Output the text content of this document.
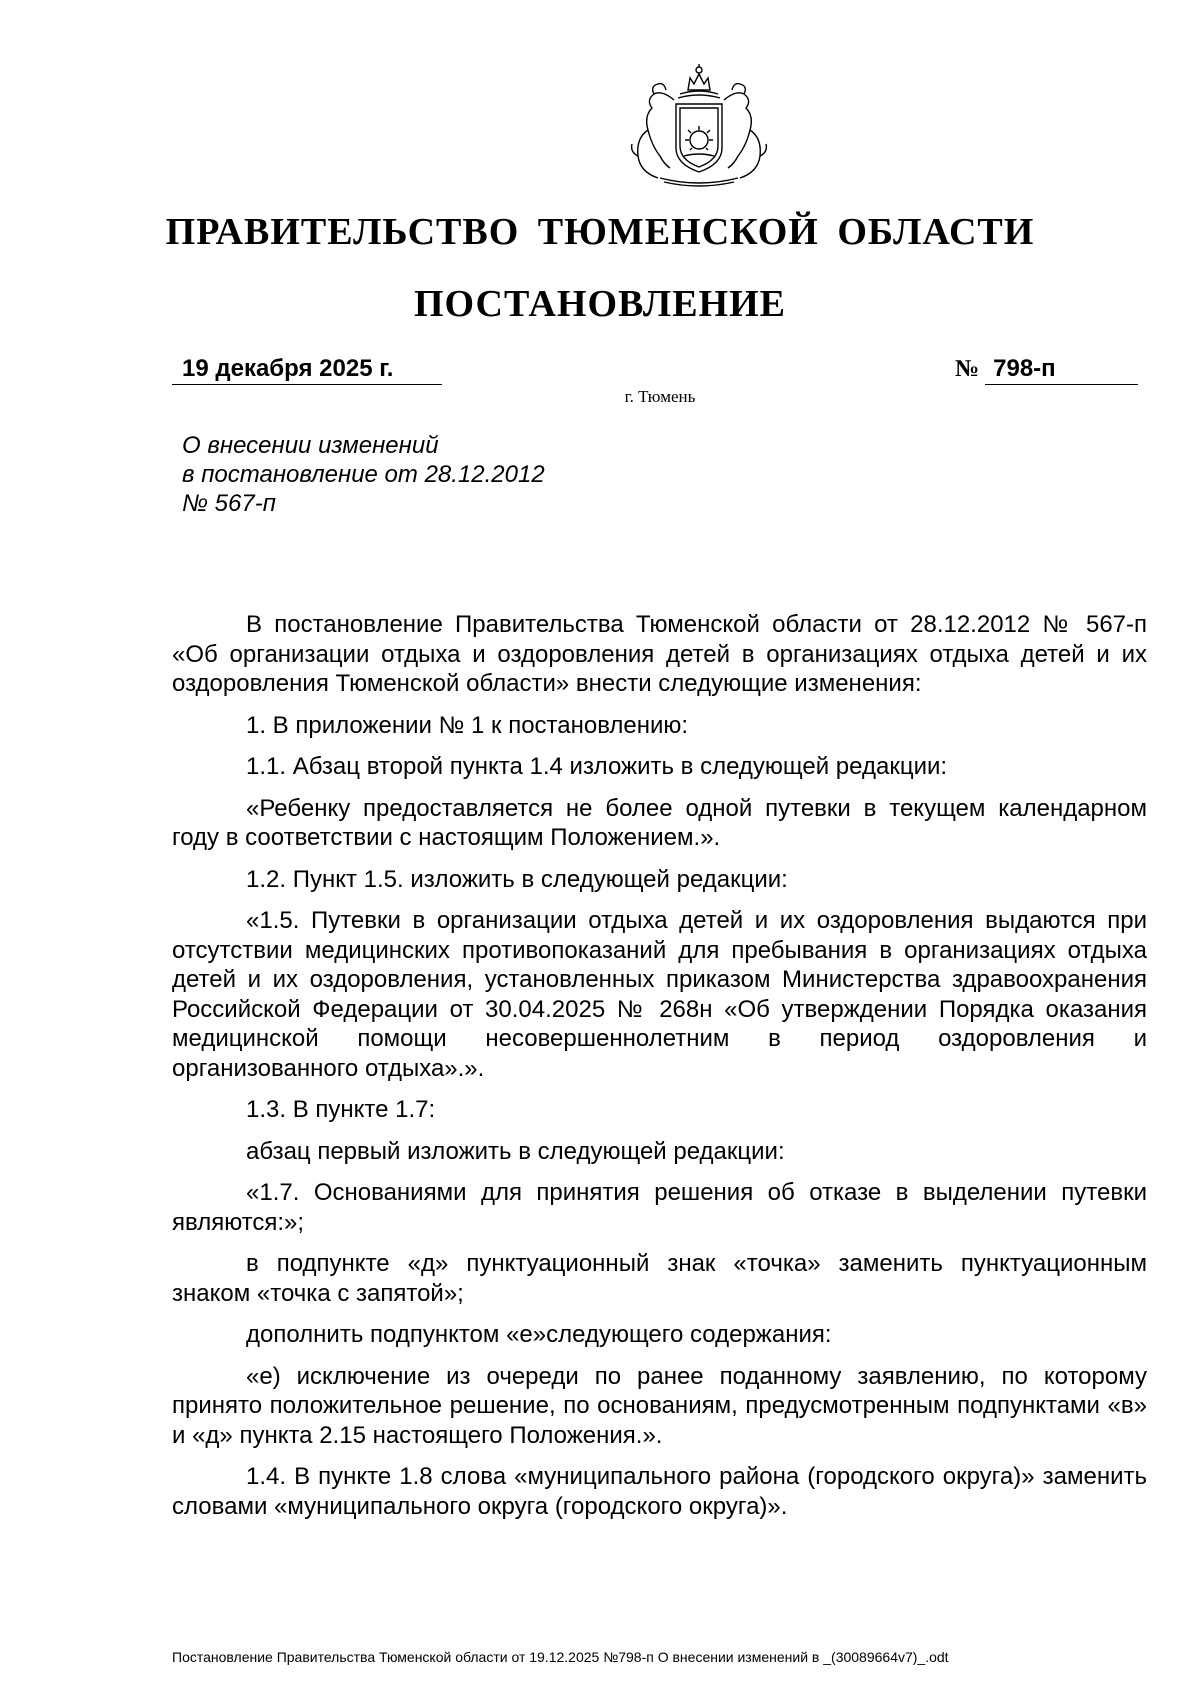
ПРАВИТЕЛЬСТВО ТЮМЕНСКОЙ ОБЛАСТИ
ПОСТАНОВЛЕНИЕ
19 декабря 2025 г.	№ 798-п
г. Тюмень
О внесении изменений
в постановление от 28.12.2012
№ 567-п

В постановление Правительства Тюменской области от 28.12.2012 № 567-п «Об организации отдыха и оздоровления детей в организациях отдыха детей и их оздоровления Тюменской области» внести следующие изменения:

1. В приложении № 1 к постановлению:

1.1. Абзац второй пункта 1.4 изложить в следующей редакции:

«Ребенку предоставляется не более одной путевки в текущем календарном году в соответствии с настоящим Положением.».

1.2. Пункт 1.5. изложить в следующей редакции:

«1.5. Путевки в организации отдыха детей и их оздоровления выдаются при отсутствии медицинских противопоказаний для пребывания в организациях отдыха детей и их оздоровления, установленных приказом Министерства здравоохранения Российской Федерации от 30.04.2025 № 268н «Об утверждении Порядка оказания медицинской помощи несовершеннолетним в период оздоровления и организованного отдыха».».

1.3. В пункте 1.7:

абзац первый изложить в следующей редакции:

«1.7. Основаниями для принятия решения об отказе в выделении путевки являются:»;

в подпункте «д» пунктуационный знак «точка» заменить пунктуационным знаком «точка с запятой»;

дополнить подпунктом «е»следующего содержания:

«е) исключение из очереди по ранее поданному заявлению, по которому принято положительное решение, по основаниям, предусмотренным подпунктами «в» и «д» пункта 2.15 настоящего Положения.».

1.4. В пункте 1.8 слова «муниципального района (городского округа)» заменить словами «муниципального округа (городского округа)».

Постановление Правительства Тюменской области от 19.12.2025 №798-п О внесении изменений в _(30089664v7)_.odt
